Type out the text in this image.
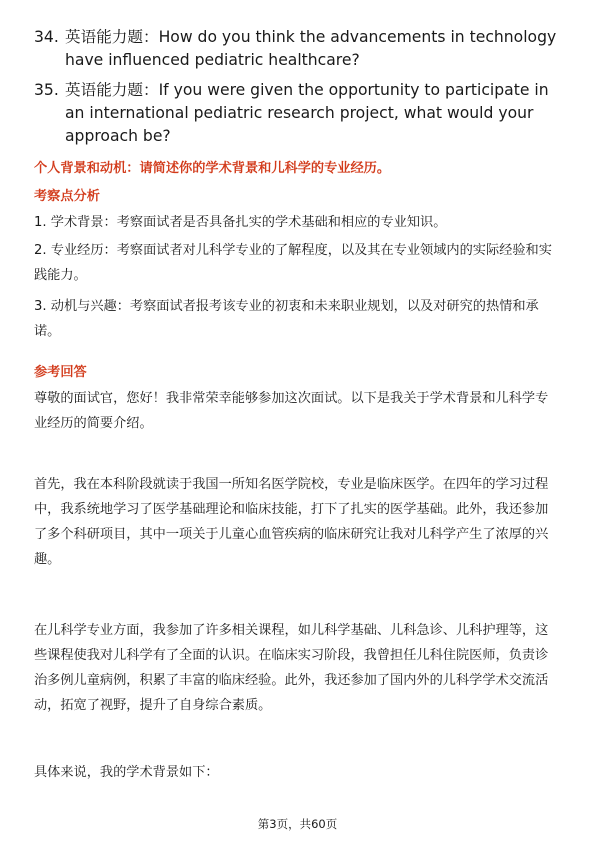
34. 英语能力题：How do you think the advancements in technology have influenced pediatric healthcare?
35. 英语能力题：If you were given the opportunity to participate in an international pediatric research project, what would your approach be?
个人背景和动机：请简述你的学术背景和儿科学的专业经历。
考察点分析
1. 学术背景：考察面试者是否具备扎实的学术基础和相应的专业知识。
2. 专业经历：考察面试者对儿科学专业的了解程度，以及其在专业领域内的实际经验和实践能力。
3. 动机与兴趣：考察面试者报考该专业的初衷和未来职业规划，以及对研究的热情和承诺。
参考回答
尊敬的面试官，您好！我非常荣幸能够参加这次面试。以下是我关于学术背景和儿科学专业经历的简要介绍。
首先，我在本科阶段就读于我国一所知名医学院校，专业是临床医学。在四年的学习过程中，我系统地学习了医学基础理论和临床技能，打下了扎实的医学基础。此外，我还参加了多个科研项目，其中一项关于儿童心血管疾病的临床研究让我对儿科学产生了浓厚的兴趣。
在儿科学专业方面，我参加了许多相关课程，如儿科学基础、儿科急诊、儿科护理等，这些课程使我对儿科学有了全面的认识。在临床实习阶段，我曾担任儿科住院医师，负责诊治多例儿童病例，积累了丰富的临床经验。此外，我还参加了国内外的儿科学学术交流活动，拓宽了视野，提升了自身综合素质。
具体来说，我的学术背景如下：
第3页，共60页
